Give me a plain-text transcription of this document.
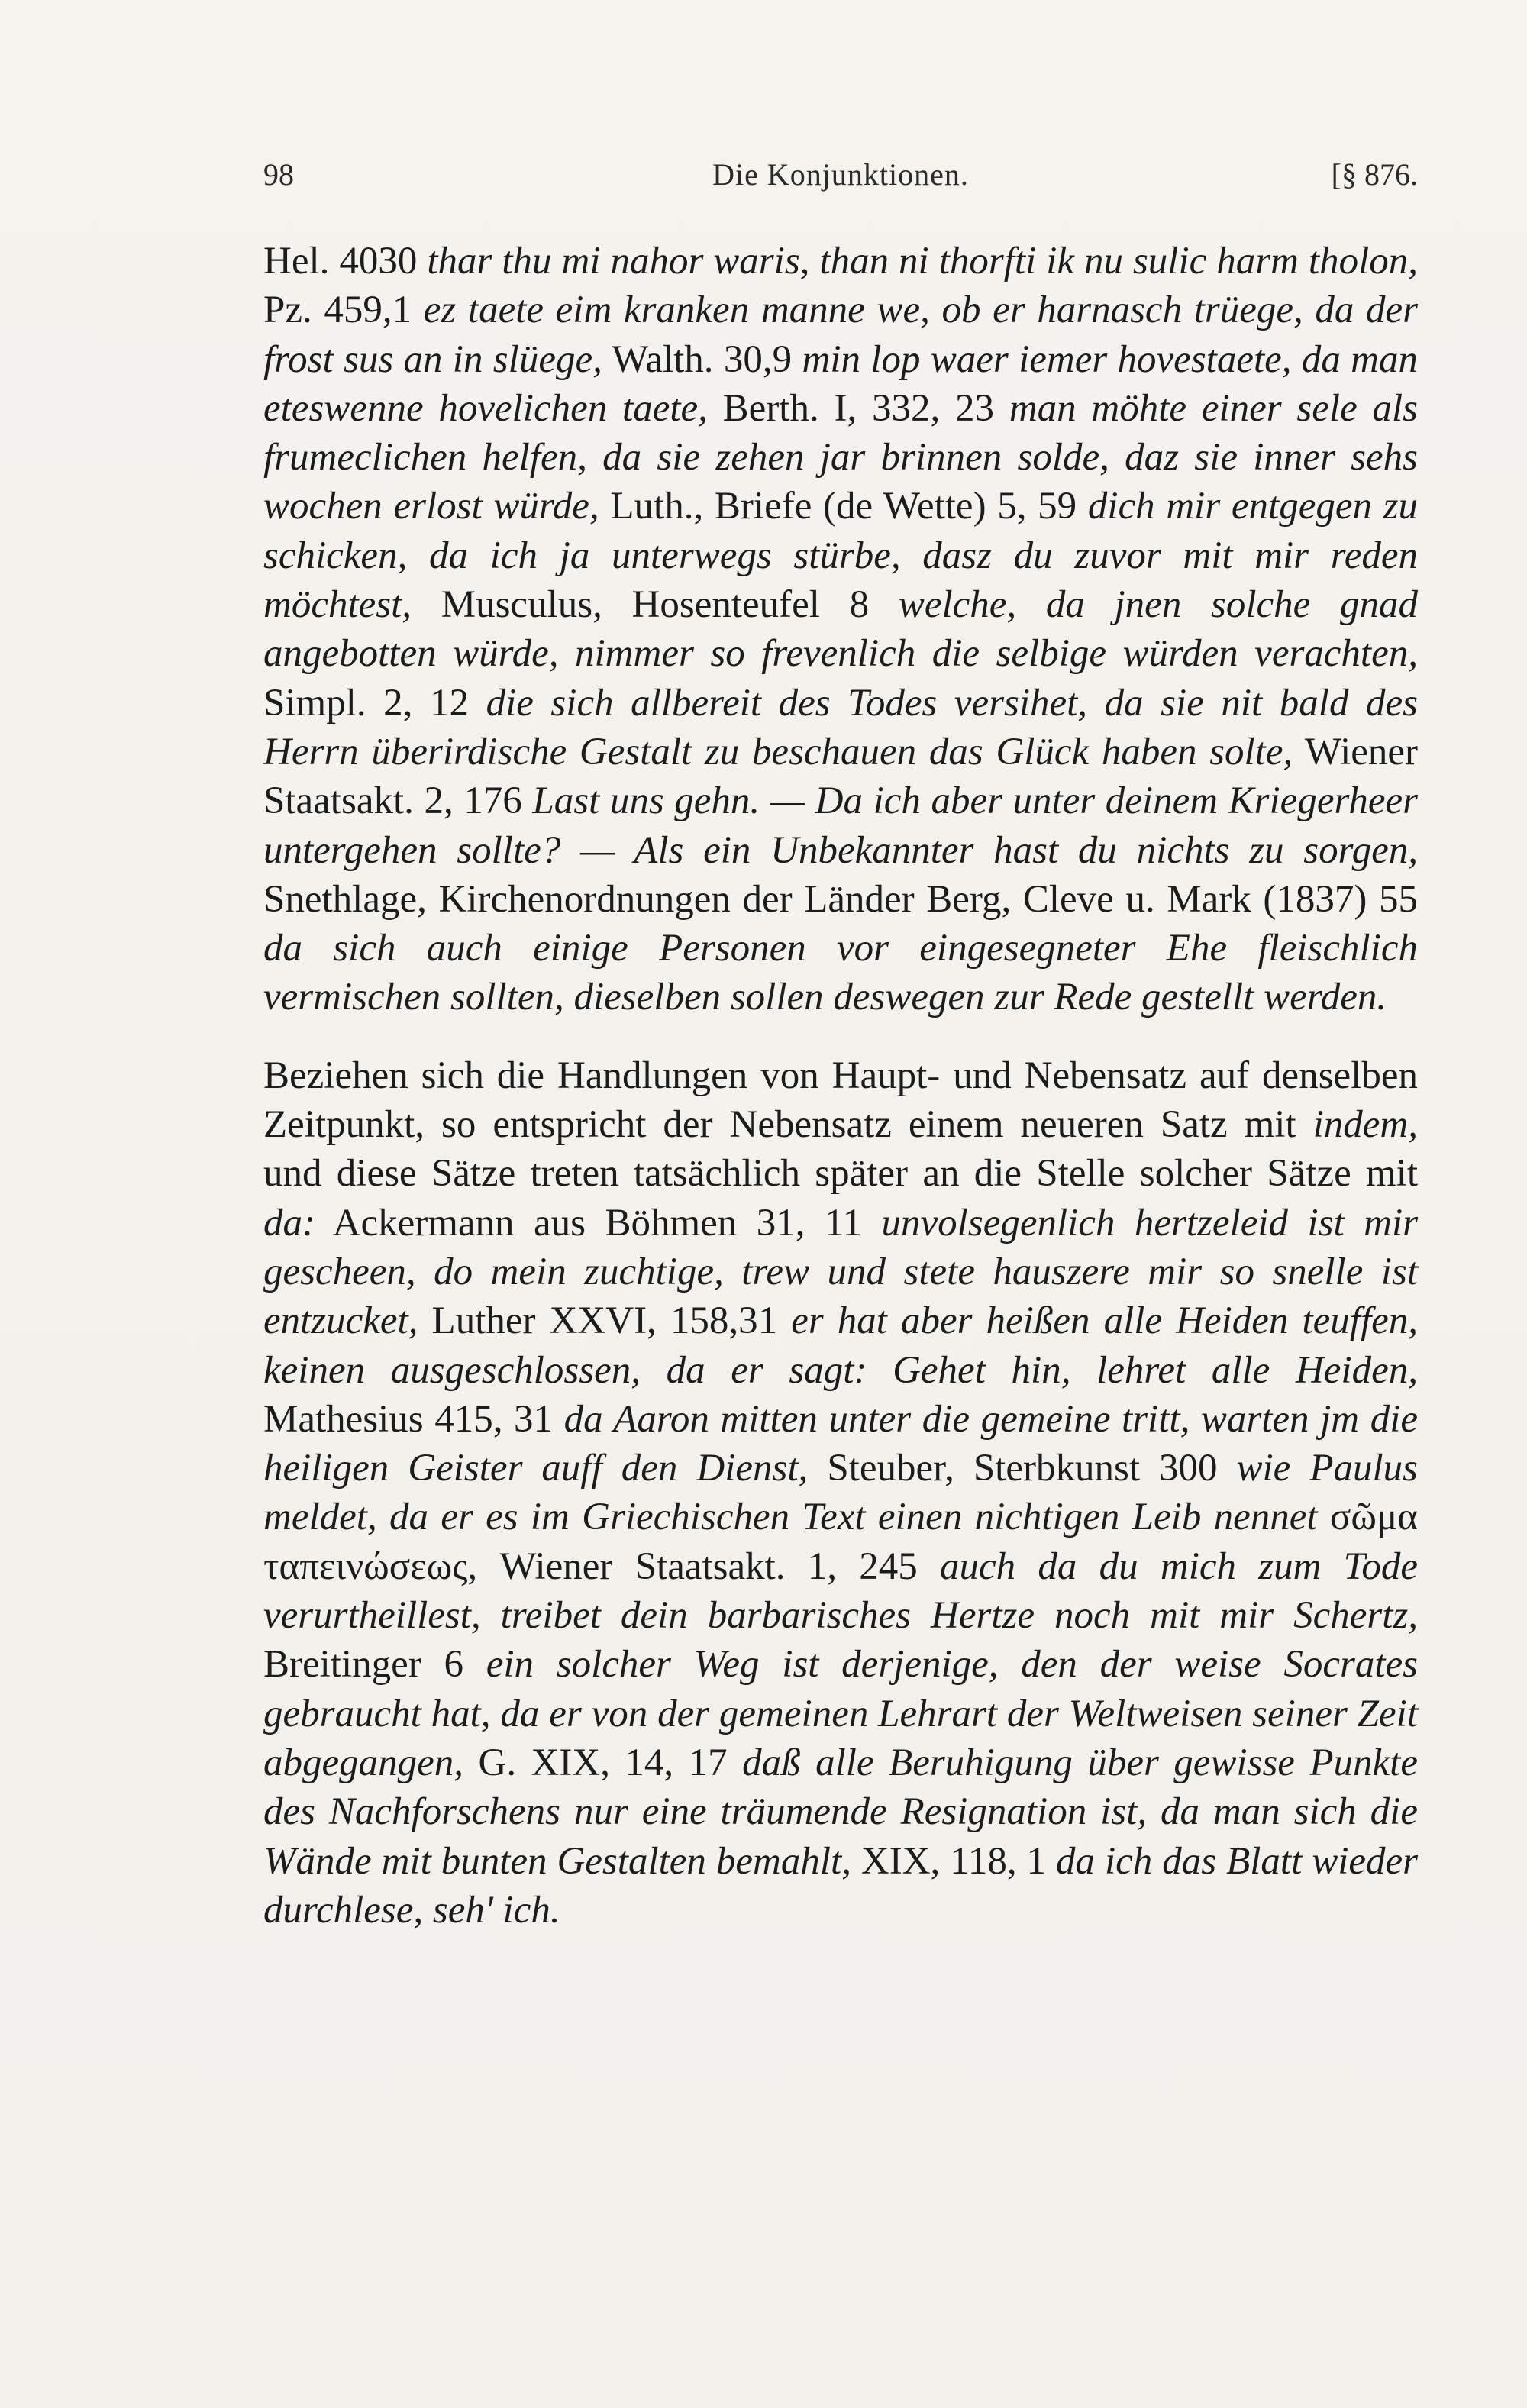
98	Die Konjunktionen.	[§ 876.

Hel. 4030 thar thu mi nahor waris, than ni thorfti ik nu sulic harm tholon, Pz. 459,1 ez taete eim kranken manne we, ob er harnasch trüege, da der frost sus an in slüege, Walth. 30,9 min lop waer iemer hovestaete, da man eteswenne hovelichen taete, Berth. I, 332, 23 man möhte einer sele als frumeclichen helfen, da sie zehen jar brinnen solde, daz sie inner sehs wochen erlost würde, Luth., Briefe (de Wette) 5, 59 dich mir entgegen zu schicken, da ich ja unterwegs stürbe, dasz du zuvor mit mir reden möchtest, Musculus, Hosenteufel 8 welche, da jnen solche gnad angebotten würde, nimmer so frevenlich die selbige würden verachten, Simpl. 2, 12 die sich allbereit des Todes versihet, da sie nit bald des Herrn überirdische Gestalt zu beschauen das Glück haben solte, Wiener Staatsakt. 2, 176 Last uns gehn. — Da ich aber unter deinem Kriegerheer untergehen sollte? — Als ein Unbekannter hast du nichts zu sorgen, Snethlage, Kirchenordnungen der Länder Berg, Cleve u. Mark (1837) 55 da sich auch einige Personen vor eingesegneter Ehe fleischlich vermischen sollten, dieselben sollen deswegen zur Rede gestellt werden.

Beziehen sich die Handlungen von Haupt- und Nebensatz auf denselben Zeitpunkt, so entspricht der Nebensatz einem neueren Satz mit indem, und diese Sätze treten tatsächlich später an die Stelle solcher Sätze mit da: Ackermann aus Böhmen 31, 11 unvolsegenlich hertzeleid ist mir gescheen, do mein zuchtige, trew und stete hauszere mir so snelle ist entzucket, Luther XXVI, 158,31 er hat aber heißen alle Heiden teuffen, keinen ausgeschlossen, da er sagt: Gehet hin, lehret alle Heiden, Mathesius 415, 31 da Aaron mitten unter die gemeine tritt, warten jm die heiligen Geister auff den Dienst, Steuber, Sterbkunst 300 wie Paulus meldet, da er es im Griechischen Text einen nichtigen Leib nennet σῶμα ταπεινώσεως, Wiener Staatsakt. 1, 245 auch da du mich zum Tode verurtheillest, treibet dein barbarisches Hertze noch mit mir Schertz, Breitinger 6 ein solcher Weg ist derjenige, den der weise Socrates gebraucht hat, da er von der gemeinen Lehrart der Weltweisen seiner Zeit abgegangen, G. XIX, 14, 17 daß alle Beruhigung über gewisse Punkte des Nachforschens nur eine träumende Resignation ist, da man sich die Wände mit bunten Gestalten bemahlt, XIX, 118, 1 da ich das Blatt wieder durchlese, seh' ich.
